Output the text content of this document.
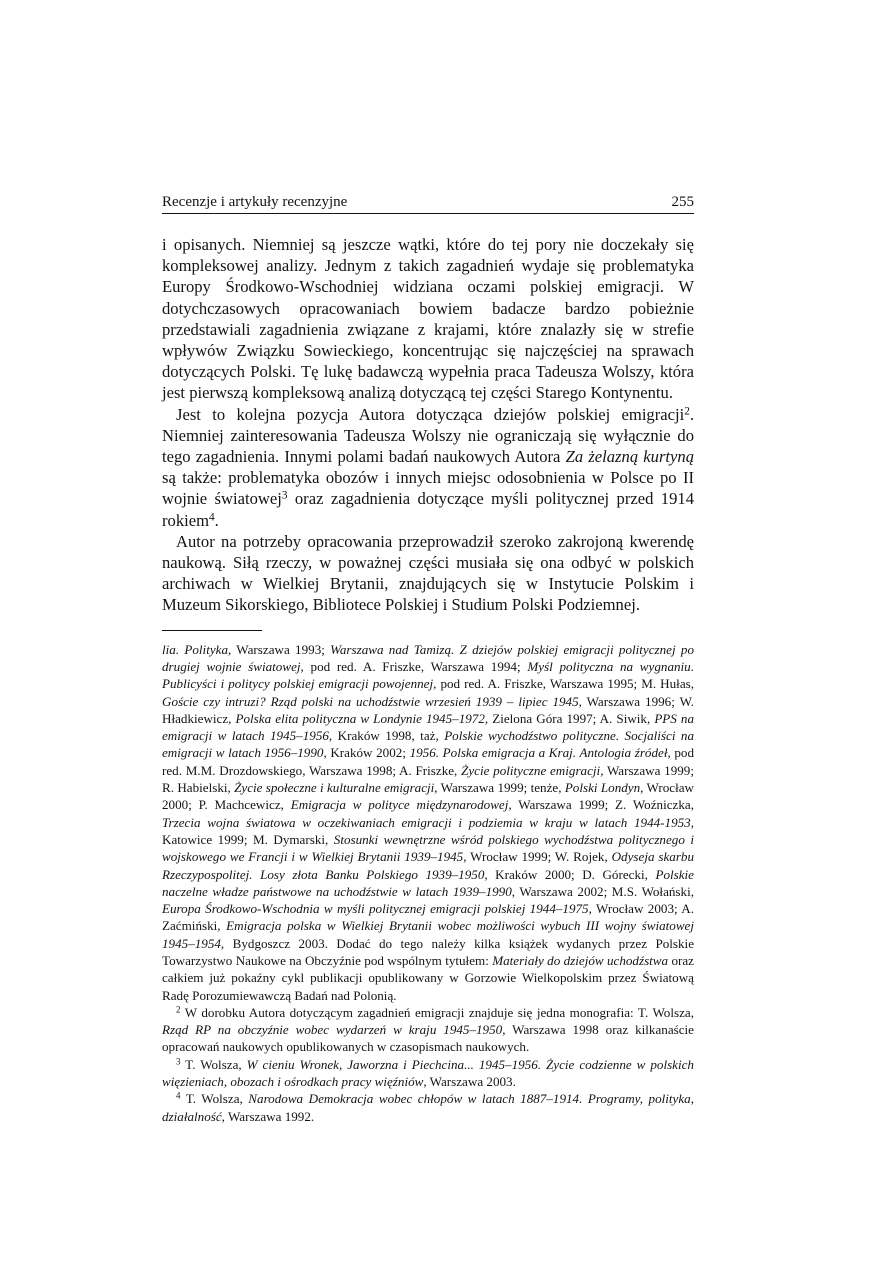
Recenzje i artykuły recenzyjne	255

i opisanych. Niemniej są jeszcze wątki, które do tej pory nie doczekały się kompleksowej analizy. Jednym z takich zagadnień wydaje się problematyka Europy Środkowo-Wschodniej widziana oczami polskiej emigracji. W dotychczasowych opracowaniach bowiem badacze bardzo pobieżnie przedstawiali zagadnienia związane z krajami, które znalazły się w strefie wpływów Związku Sowieckiego, koncentrując się najczęściej na sprawach dotyczących Polski. Tę lukę badawczą wypełnia praca Tadeusza Wolszy, która jest pierwszą kompleksową analizą dotyczącą tej części Starego Kontynentu.

Jest to kolejna pozycja Autora dotycząca dziejów polskiej emigracji$^2$. Niemniej zainteresowania Tadeusza Wolszy nie ograniczają się wyłącznie do tego zagadnienia. Innymi polami badań naukowych Autora Za żelazną kurtyną są także: problematyka obozów i innych miejsc odosobnienia w Polsce po II wojnie światowej$^3$ oraz zagadnienia dotyczące myśli politycznej przed 1914 rokiem$^4$.

Autor na potrzeby opracowania przeprowadził szeroko zakrojoną kwerendę naukową. Siłą rzeczy, w poważnej części musiała się ona odbyć w polskich archiwach w Wielkiej Brytanii, znajdujących się w Instytucie Polskim i Muzeum Sikorskiego, Bibliotece Polskiej i Studium Polski Podziemnej.

lia. Polityka, Warszawa 1993; Warszawa nad Tamizą. Z dziejów polskiej emigracji politycznej po drugiej wojnie światowej, pod red. A. Friszke, Warszawa 1994; Myśl polityczna na wygnaniu. Publicyści i politycy polskiej emigracji powojennej, pod red. A. Friszke, Warszawa 1995; M. Hułas, Goście czy intruzi? Rząd polski na uchodźstwie wrzesień 1939 – lipiec 1945, Warszawa 1996; W. Hładkiewicz, Polska elita polityczna w Londynie 1945–1972, Zielona Góra 1997; A. Siwik, PPS na emigracji w latach 1945–1956, Kraków 1998, taż, Polskie wychodźstwo polityczne. Socjaliści na emigracji w latach 1956–1990, Kraków 2002; 1956. Polska emigracja a Kraj. Antologia źródeł, pod red. M.M. Drozdowskiego, Warszawa 1998; A. Friszke, Życie polityczne emigracji, Warszawa 1999; R. Habielski, Życie społeczne i kulturalne emigracji, Warszawa 1999; tenże, Polski Londyn, Wrocław 2000; P. Machcewicz, Emigracja w polityce międzynarodowej, Warszawa 1999; Z. Woźniczka, Trzecia wojna światowa w oczekiwaniach emigracji i podziemia w kraju w latach 1944-1953, Katowice 1999; M. Dymarski, Stosunki wewnętrzne wśród polskiego wychodźstwa politycznego i wojskowego we Francji i w Wielkiej Brytanii 1939–1945, Wrocław 1999; W. Rojek, Odyseja skarbu Rzeczypospolitej. Losy złota Banku Polskiego 1939–1950, Kraków 2000; D. Górecki, Polskie naczelne władze państwowe na uchodźstwie w latach 1939–1990, Warszawa 2002; M.S. Wołański, Europa Środkowo-Wschodnia w myśli politycznej emigracji polskiej 1944–1975, Wrocław 2003; A. Zaćmiński, Emigracja polska w Wielkiej Brytanii wobec możliwości wybuch III wojny światowej 1945–1954, Bydgoszcz 2003. Dodać do tego należy kilka książek wydanych przez Polskie Towarzystwo Naukowe na Obczyźnie pod wspólnym tytułem: Materiały do dziejów uchodźstwa oraz całkiem już pokaźny cykl publikacji opublikowany w Gorzowie Wielkopolskim przez Światową Radę Porozumiewawczą Badań nad Polonią.

$^2$ W dorobku Autora dotyczącym zagadnień emigracji znajduje się jedna monografia: T. Wolsza, Rząd RP na obczyźnie wobec wydarzeń w kraju 1945–1950, Warszawa 1998 oraz kilkanaście opracowań naukowych opublikowanych w czasopismach naukowych.

$^3$ T. Wolsza, W cieniu Wronek, Jaworzna i Piechcina... 1945–1956. Życie codzienne w polskich więzieniach, obozach i ośrodkach pracy więźniów, Warszawa 2003.

$^4$ T. Wolsza, Narodowa Demokracja wobec chłopów w latach 1887–1914. Programy, polityka, działalność, Warszawa 1992.
